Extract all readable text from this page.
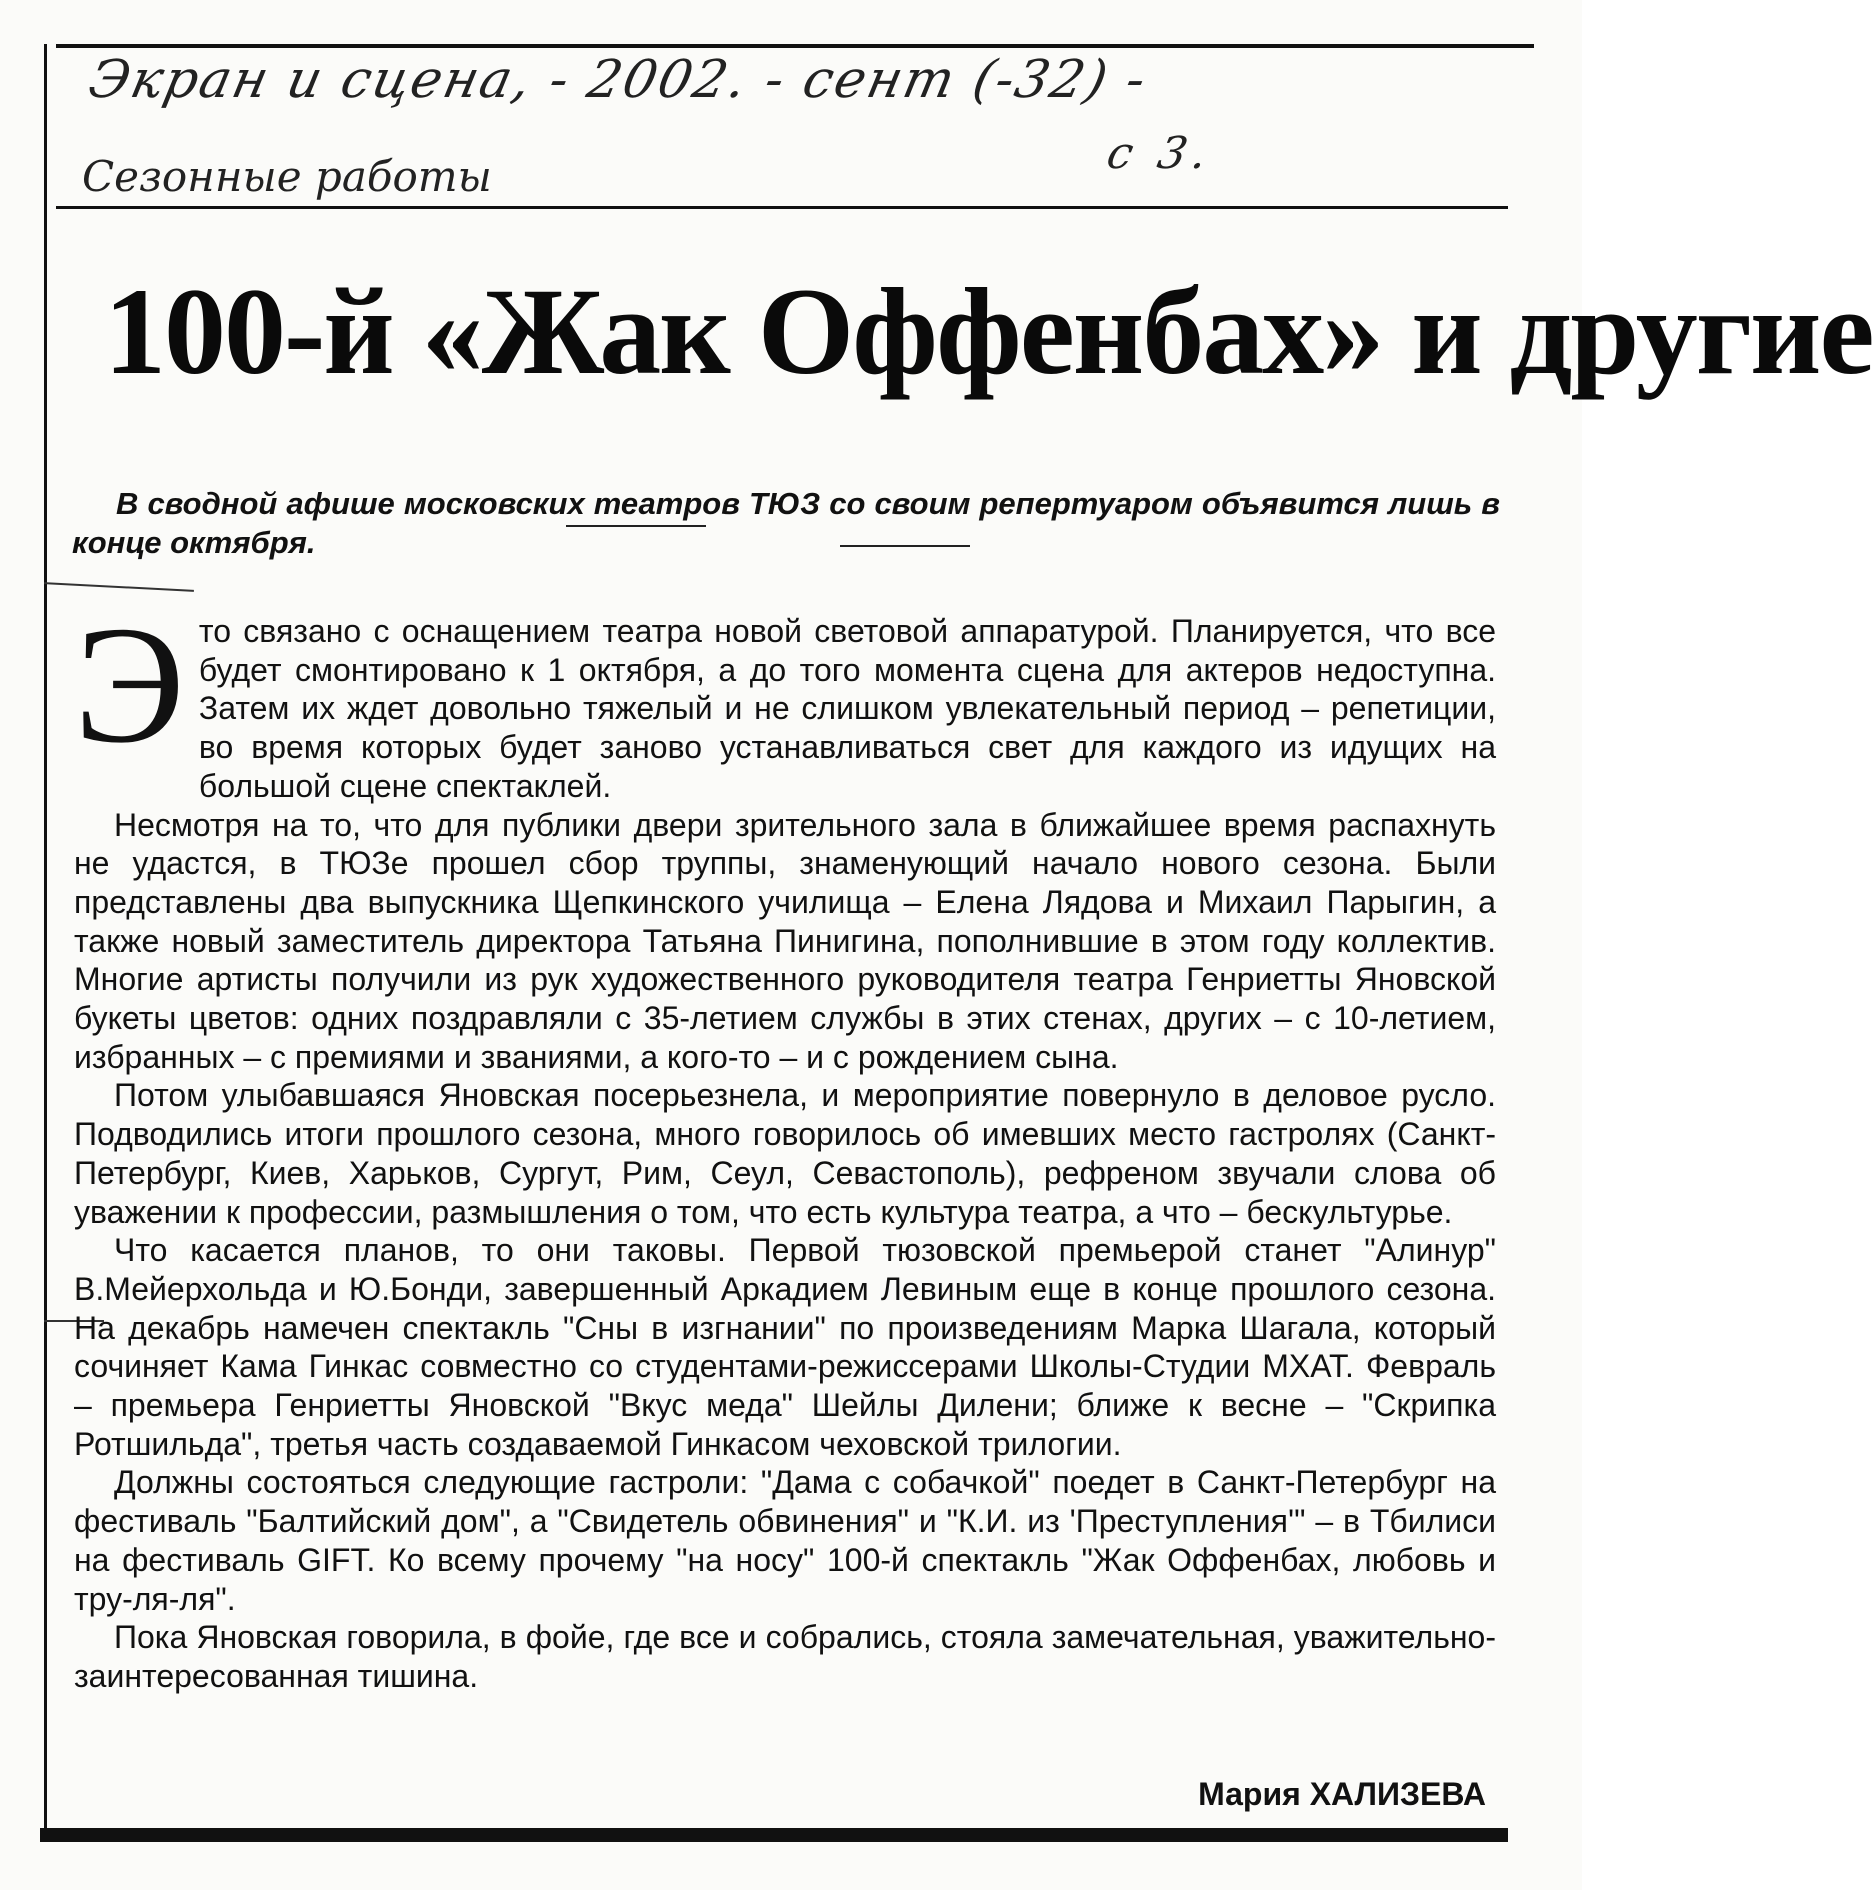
Экран и сцена, - 2002. - сент (-32) -
с 3.
Сезонные работы
100-й «Жак Оффенбах» и другие
В сводной афише московских театров ТЮЗ со своим репертуаром объявится лишь в конце октября.

Это связано с оснащением театра новой световой аппаратурой. Планируется, что все будет смонтировано к 1 октября, а до того момента сцена для актеров недоступна. Затем их ждет довольно тяжелый и не слишком увлекательный период – репетиции, во время которых будет заново устанавливаться свет для каждого из идущих на большой сцене спектаклей.

Несмотря на то, что для публики двери зрительного зала в ближайшее время распахнуть не удастся, в ТЮЗе прошел сбор труппы, знаменующий начало нового сезона. Были представлены два выпускника Щепкинского училища – Елена Лядова и Михаил Парыгин, а также новый заместитель директора Татьяна Пинигина, пополнившие в этом году коллектив. Многие артисты получили из рук художественного руководителя театра Генриетты Яновской букеты цветов: одних поздравляли с 35-летием службы в этих стенах, других – с 10-летием, избранных – с премиями и званиями, а кого-то – и с рождением сына.

Потом улыбавшаяся Яновская посерьезнела, и мероприятие повернуло в деловое русло. Подводились итоги прошлого сезона, много говорилось об имевших место гастролях (Санкт-Петербург, Киев, Харьков, Сургут, Рим, Сеул, Севастополь), рефреном звучали слова об уважении к профессии, размышления о том, что есть культура театра, а что – бескультурье.

Что касается планов, то они таковы. Первой тюзовской премьерой станет "Алинур" В.Мейерхольда и Ю.Бонди, завершенный Аркадием Левиным еще в конце прошлого сезона. На декабрь намечен спектакль "Сны в изгнании" по произведениям Марка Шагала, который сочиняет Кама Гинкас совместно со студентами-режиссерами Школы-Студии МХАТ. Февраль – премьера Генриетты Яновской "Вкус меда" Шейлы Дилени; ближе к весне – "Скрипка Ротшильда", третья часть создаваемой Гинкасом чеховской трилогии.

Должны состояться следующие гастроли: "Дама с собачкой" поедет в Санкт-Петербург на фестиваль "Балтийский дом", а "Свидетель обвинения" и "К.И. из 'Преступления'" – в Тбилиси на фестиваль GIFT. Ко всему прочему "на носу" 100-й спектакль "Жак Оффенбах, любовь и тру-ля-ля".

Пока Яновская говорила, в фойе, где все и собрались, стояла замечательная, уважительно-заинтересованная тишина.

Мария ХАЛИЗЕВА
